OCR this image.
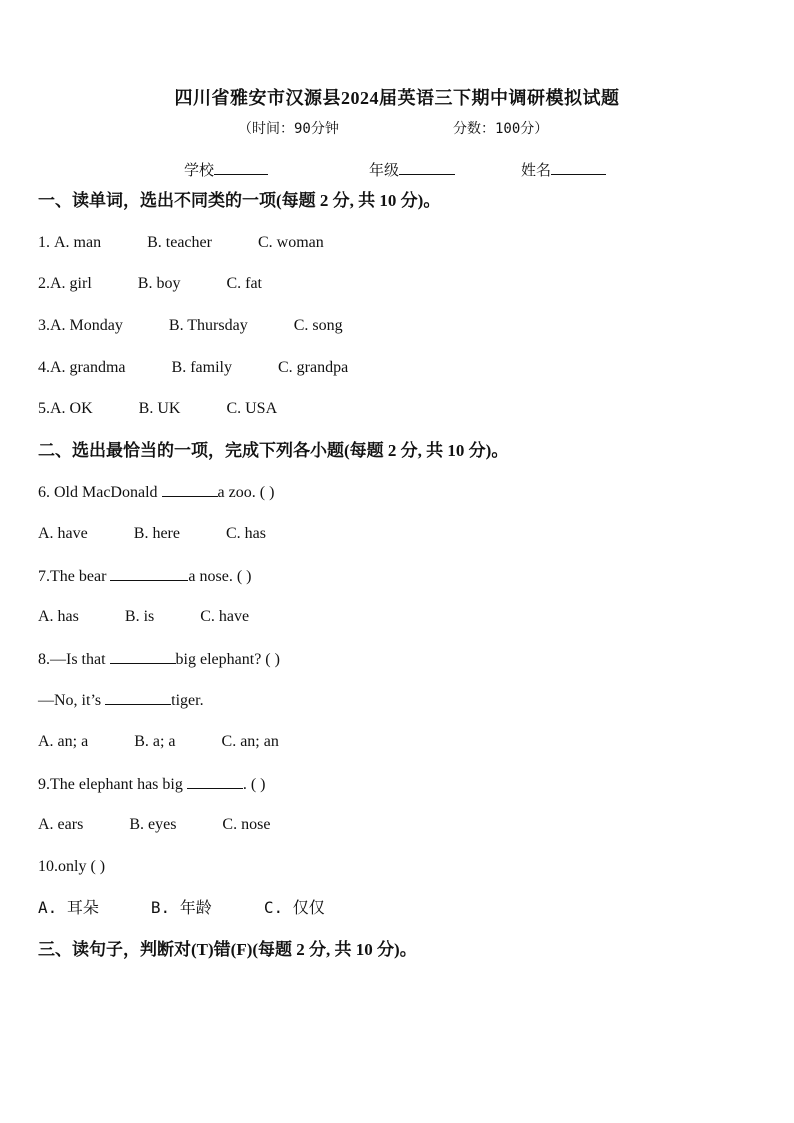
四川省雅安市汉源县2024届英语三下期中调研模拟试题
（时间：90分钟	分数：100分）
学校	年级	姓名
一、读单词，选出不同类的一项(每题 2 分, 共 10 分)。
1. A. man	B. teacher	C. woman
2.A. girl	B. boy	C. fat
3.A. Monday	B. Thursday	C. song
4.A. grandma	B. family	C. grandpa
5.A. OK	B. UK	C. USA
二、选出最恰当的一项，完成下列各小题(每题 2 分, 共 10 分)。
6. Old MacDonald	a zoo. ( )
A. have	B. here	C. has
7.The bear	a nose. ( )
A. has	B. is	C. have
8.—Is that	big elephant? ( )
—No, it’s	tiger.
A. an; a	B. a; a	C. an; an
9.The elephant has big	. ( )
A. ears	B. eyes	C. nose
10.only ( )
A. 耳朵	B. 年龄	C. 仅仅
三、读句子，判断对(T)错(F)(每题 2 分, 共 10 分)。
